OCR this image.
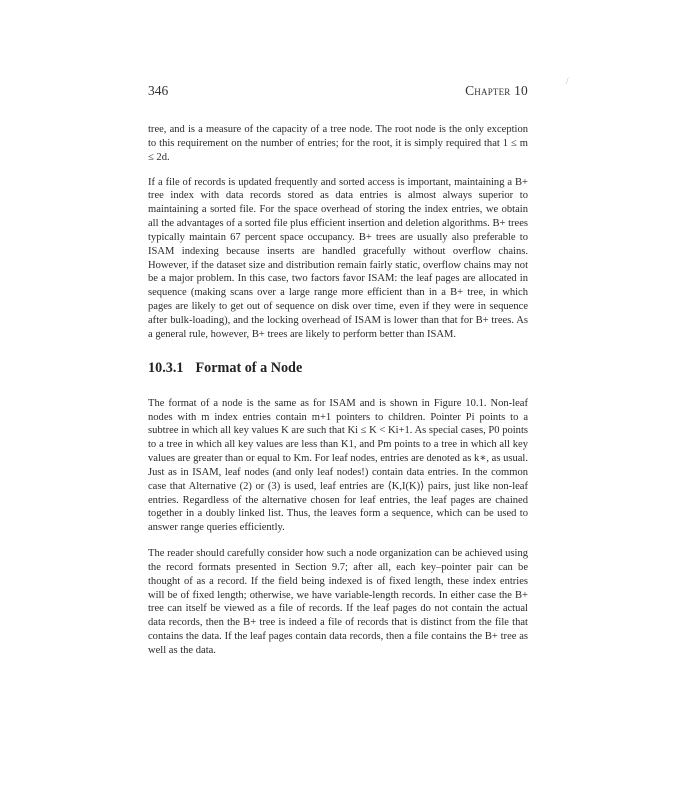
346	Chapter 10
/

tree, and is a measure of the capacity of a tree node. The root node is the only exception to this requirement on the number of entries; for the root, it is simply required that 1 ≤ m ≤ 2d.

If a file of records is updated frequently and sorted access is important, maintaining a B+ tree index with data records stored as data entries is almost always superior to maintaining a sorted file. For the space overhead of storing the index entries, we obtain all the advantages of a sorted file plus efficient insertion and deletion algorithms. B+ trees typically maintain 67 percent space occupancy. B+ trees are usually also preferable to ISAM indexing because inserts are handled gracefully without overflow chains. However, if the dataset size and distribution remain fairly static, overflow chains may not be a major problem. In this case, two factors favor ISAM: the leaf pages are allocated in sequence (making scans over a large range more efficient than in a B+ tree, in which pages are likely to get out of sequence on disk over time, even if they were in sequence after bulk-loading), and the locking overhead of ISAM is lower than that for B+ trees. As a general rule, however, B+ trees are likely to perform better than ISAM.

10.3.1 Format of a Node

The format of a node is the same as for ISAM and is shown in Figure 10.1. Non-leaf nodes with m index entries contain m+1 pointers to children. Pointer Pi points to a subtree in which all key values K are such that Ki ≤ K < Ki+1. As special cases, P0 points to a tree in which all key values are less than K1, and Pm points to a tree in which all key values are greater than or equal to Km. For leaf nodes, entries are denoted as k∗, as usual. Just as in ISAM, leaf nodes (and only leaf nodes!) contain data entries. In the common case that Alternative (2) or (3) is used, leaf entries are ⟨K,I(K)⟩ pairs, just like non-leaf entries. Regardless of the alternative chosen for leaf entries, the leaf pages are chained together in a doubly linked list. Thus, the leaves form a sequence, which can be used to answer range queries efficiently.

The reader should carefully consider how such a node organization can be achieved using the record formats presented in Section 9.7; after all, each key–pointer pair can be thought of as a record. If the field being indexed is of fixed length, these index entries will be of fixed length; otherwise, we have variable-length records. In either case the B+ tree can itself be viewed as a file of records. If the leaf pages do not contain the actual data records, then the B+ tree is indeed a file of records that is distinct from the file that contains the data. If the leaf pages contain data records, then a file contains the B+ tree as well as the data.
